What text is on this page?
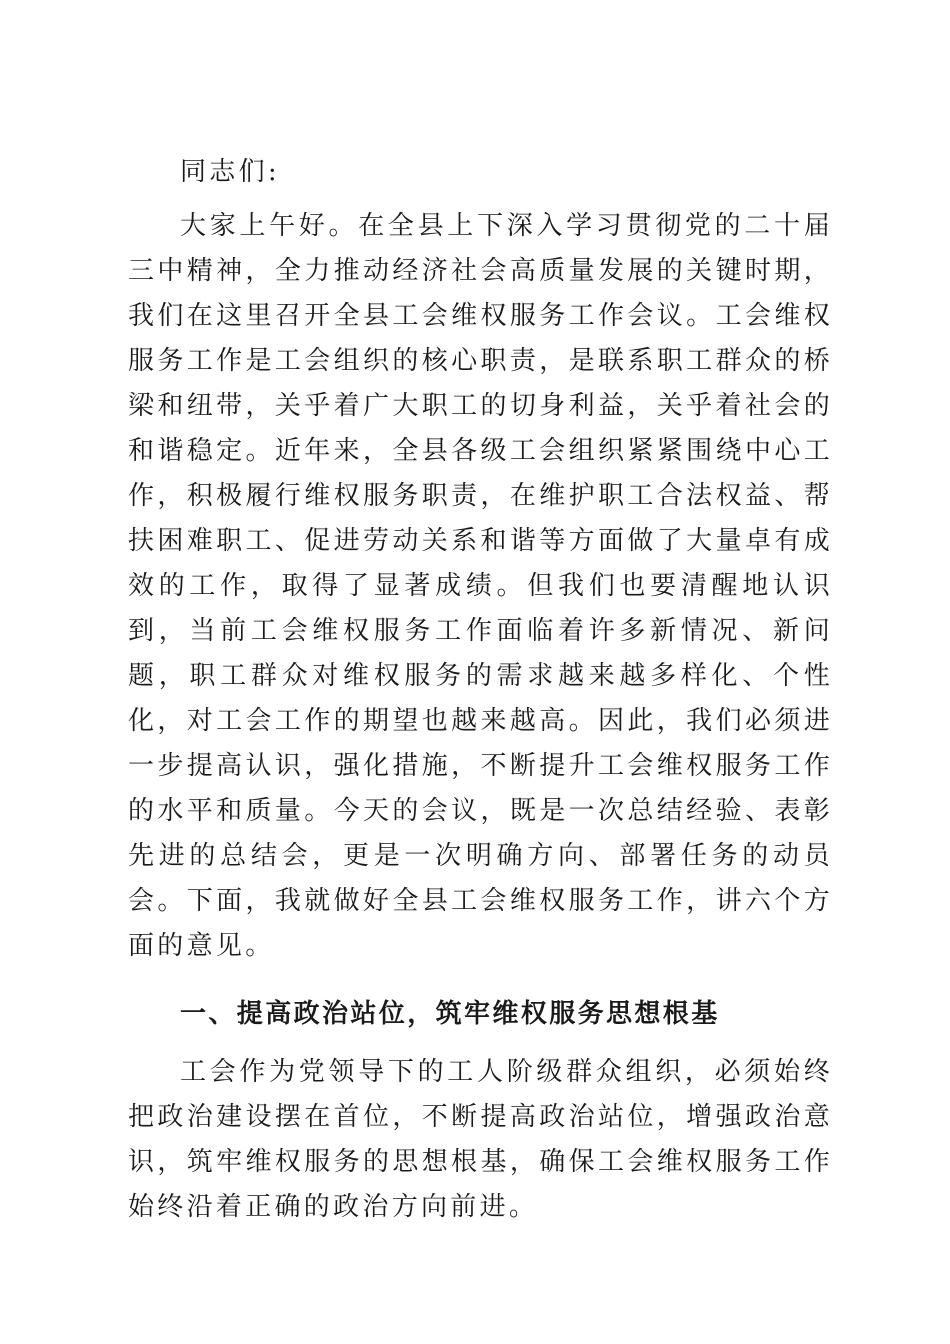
同志们:

大家上午好。在全县上下深入学习贯彻党的二十届三中精神，全力推动经济社会高质量发展的关键时期，我们在这里召开全县工会维权服务工作会议。工会维权服务工作是工会组织的核心职责，是联系职工群众的桥梁和纽带，关乎着广大职工的切身利益，关乎着社会的和谐稳定。近年来，全县各级工会组织紧紧围绕中心工作，积极履行维权服务职责，在维护职工合法权益、帮扶困难职工、促进劳动关系和谐等方面做了大量卓有成效的工作，取得了显著成绩。但我们也要清醒地认识到，当前工会维权服务工作面临着许多新情况、新问题，职工群众对维权服务的需求越来越多样化、个性化，对工会工作的期望也越来越高。因此，我们必须进一步提高认识，强化措施，不断提升工会维权服务工作的水平和质量。今天的会议，既是一次总结经验、表彰先进的总结会，更是一次明确方向、部署任务的动员会。下面，我就做好全县工会维权服务工作，讲六个方面的意见。

一、提高政治站位，筑牢维权服务思想根基

工会作为党领导下的工人阶级群众组织，必须始终把政治建设摆在首位，不断提高政治站位，增强政治意识，筑牢维权服务的思想根基，确保工会维权服务工作始终沿着正确的政治方向前进。
